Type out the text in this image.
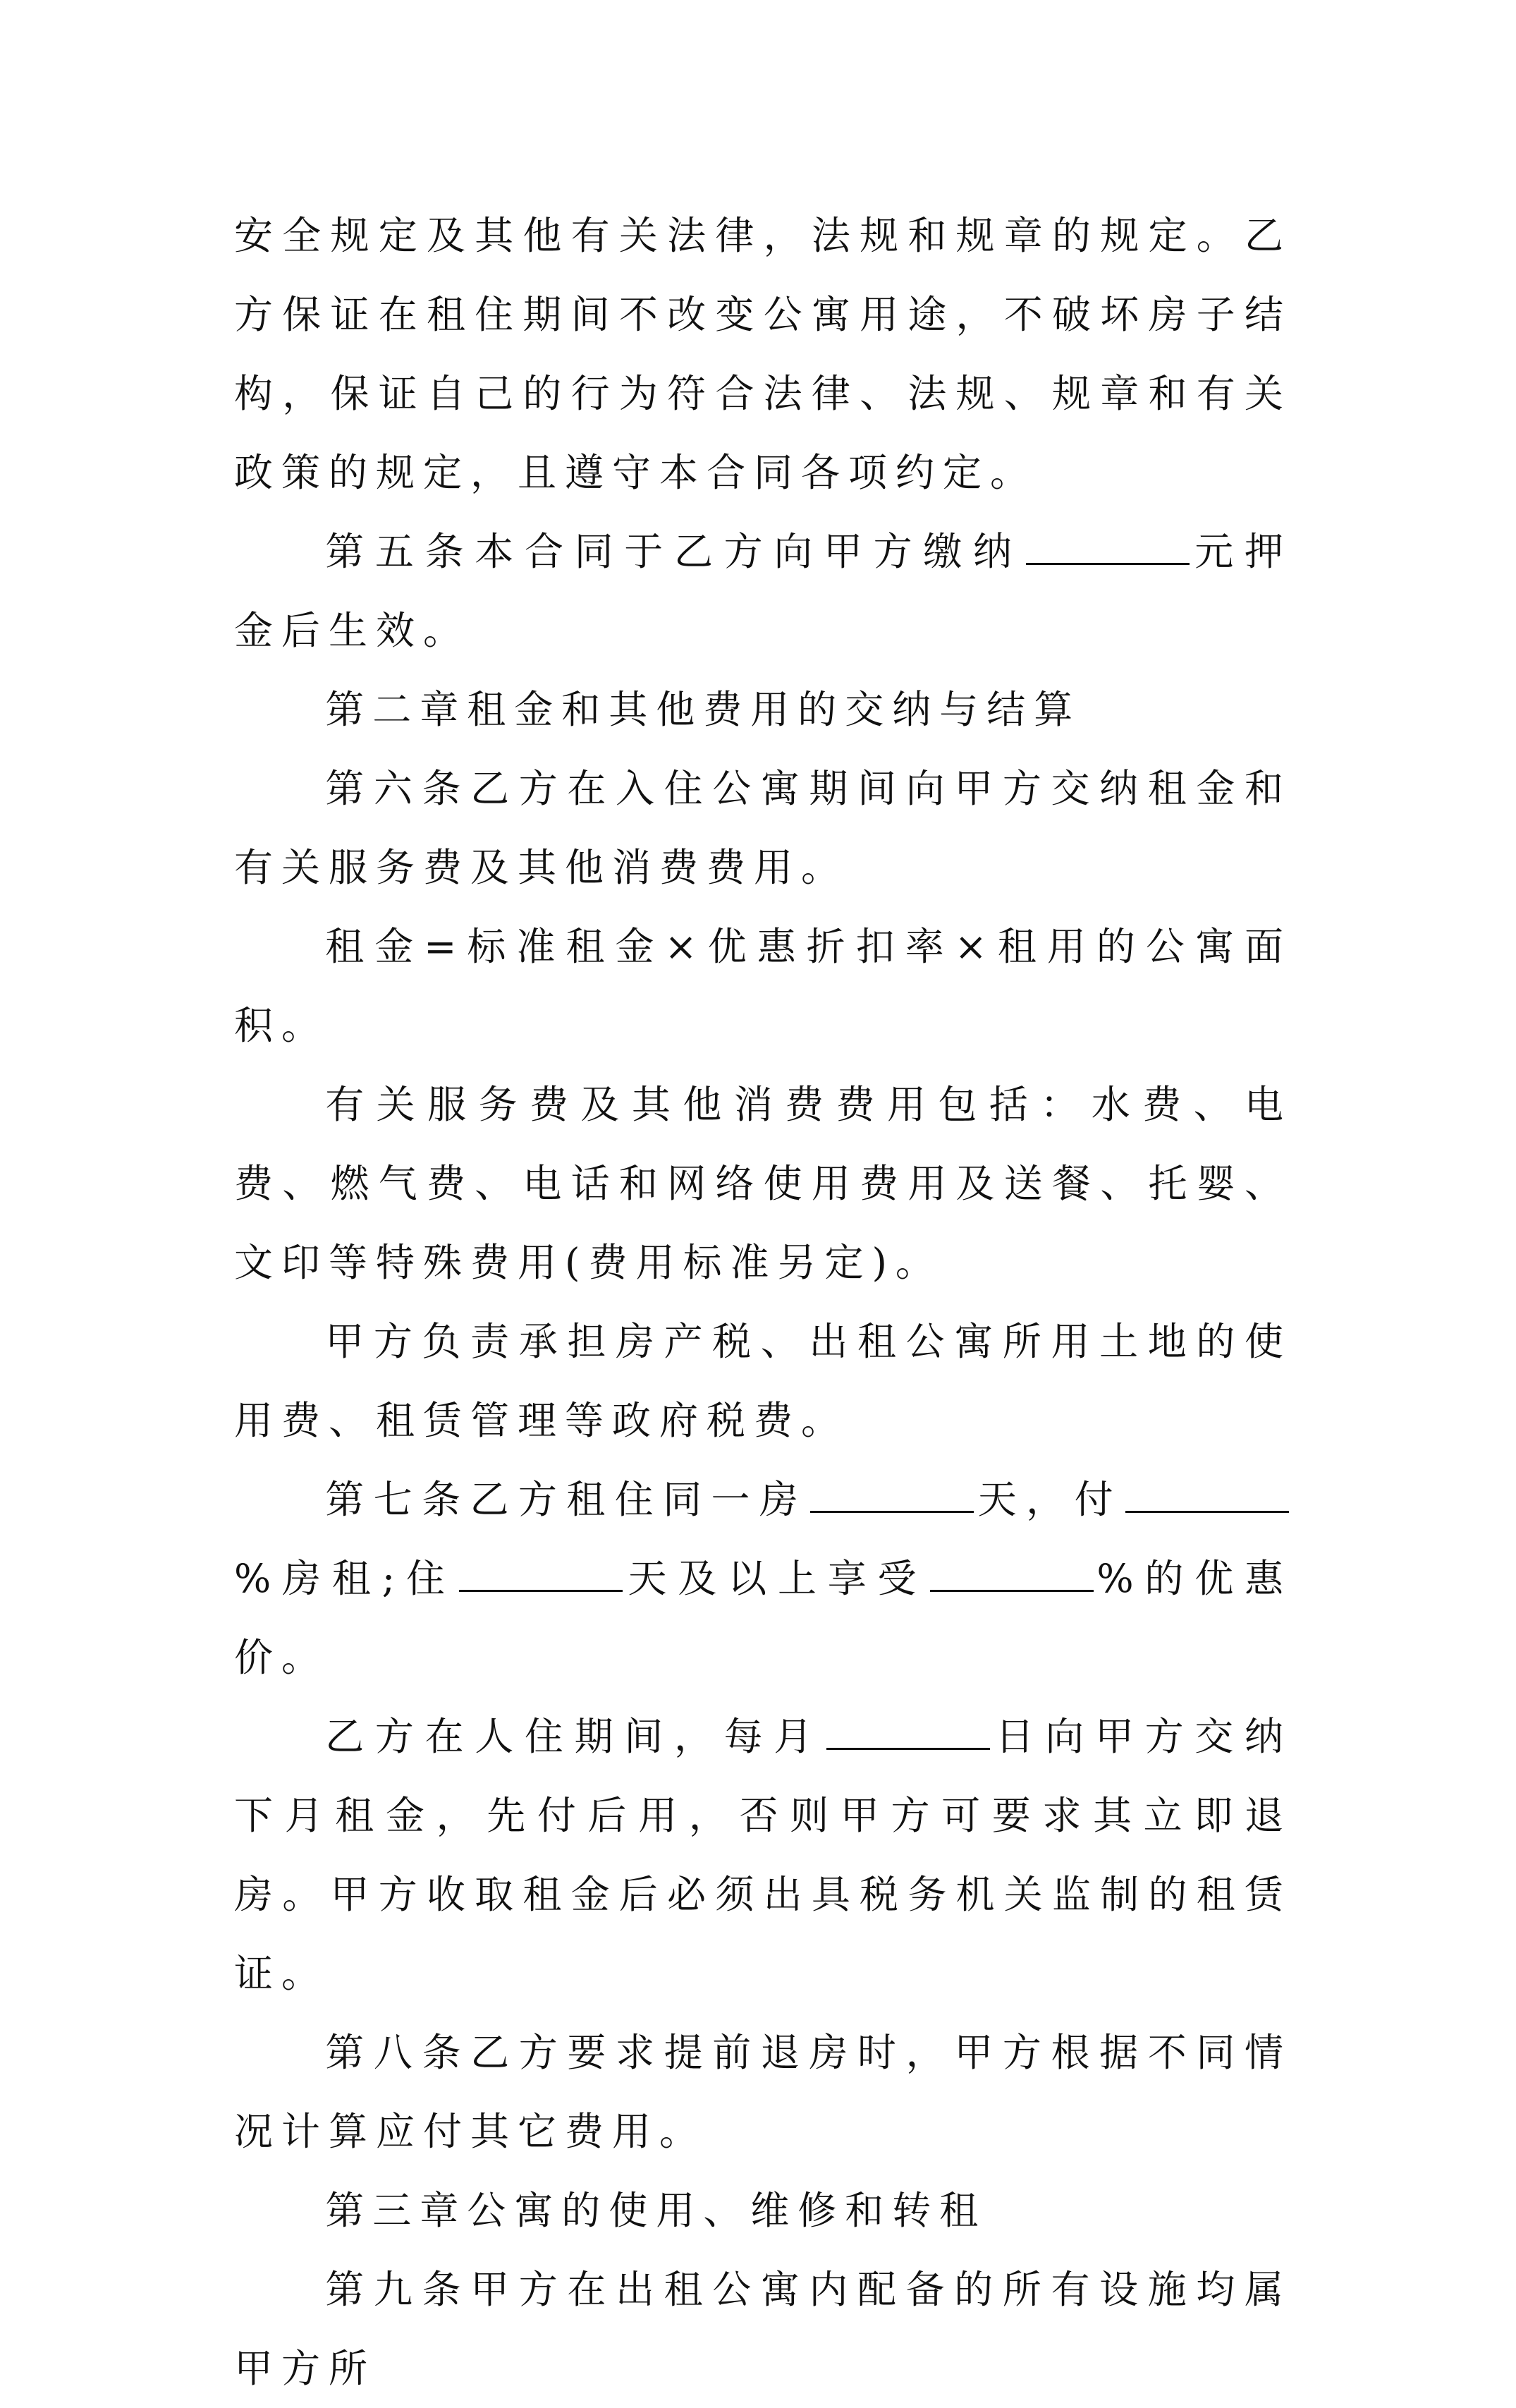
安全规定及其他有关法律，法规和规章的规定。乙方保证在租住期间不改变公寓用途，不破坏房子结构，保证自己的行为符合法律、法规、规章和有关政策的规定，且遵守本合同各项约定。

第五条本合同于乙方向甲方缴纳	元押金后生效。

第二章租金和其他费用的交纳与结算

第六条乙方在入住公寓期间向甲方交纳租金和有关服务费及其他消费费用。

租金=标准租金×优惠折扣率×租用的公寓面积。

有关服务费及其他消费费用包括：水费、电费、燃气费、电话和网络使用费用及送餐、托婴、文印等特殊费用(费用标准另定)。

甲方负责承担房产税、出租公寓所用土地的使用费、租赁管理等政府税费。

第七条乙方租住同一房	天，付%房租;住	天及以上享受	%的优惠价。

乙方在人住期间，每月	日向甲方交纳下月租金，先付后用，否则甲方可要求其立即退房。甲方收取租金后必须出具税务机关监制的租赁证。

第八条乙方要求提前退房时，甲方根据不同情况计算应付其它费用。

第三章公寓的使用、维修和转租

第九条甲方在出租公寓内配备的所有设施均属甲方所
